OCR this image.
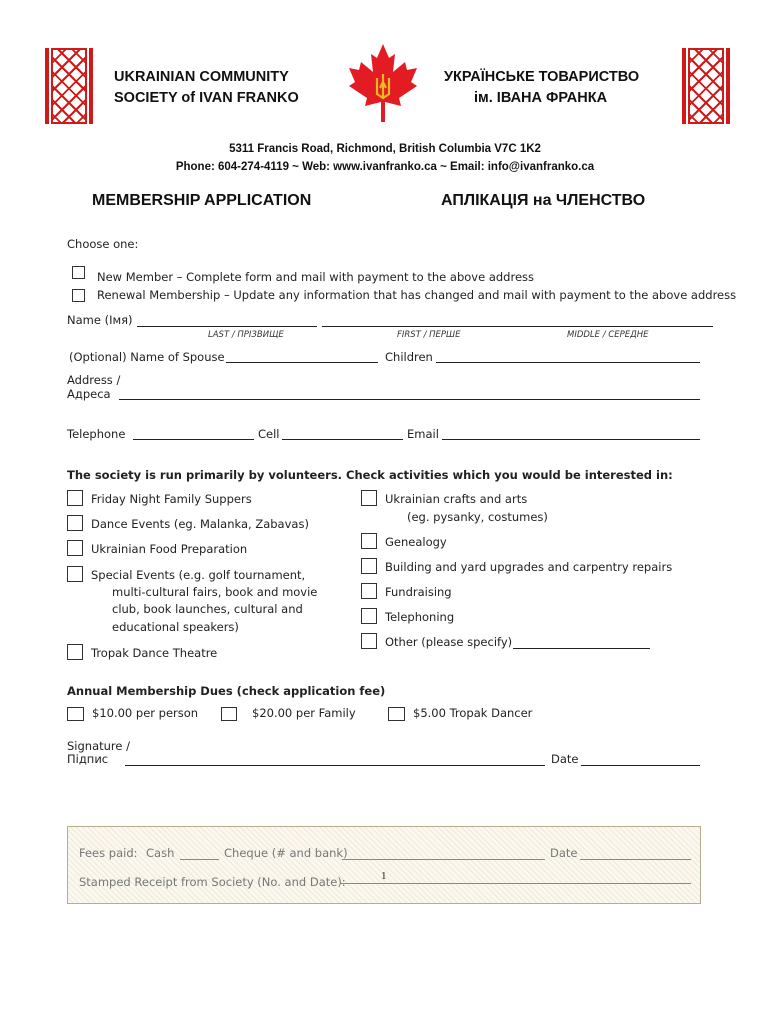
UKRAINIAN COMMUNITY
SOCIETY of IVAN FRANKO
УКРАЇНСЬКЕ ТОВАРИСТВО
ім. ІВАНА ФРАНКА
5311 Francis Road, Richmond, British Columbia V7C 1K2
Phone: 604-274-4119 ~ Web: www.ivanfranko.ca ~ Email: info@ivanfranko.ca
MEMBERSHIP APPLICATION	АПЛІКАЦІЯ на ЧЛЕНСТВО
Choose one:
New Member – Complete form and mail with payment to the above address
Renewal Membership – Update any information that has changed and mail with payment to the above address
Name (Імя)
LAST / ПРІЗВИЩЕ	FIRST / ПЕРШЕ	MIDDLE / СЕРЕДНЕ
(Optional) Name of Spouse	Children
Address /
Адреса
Telephone	Cell	Email
The society is run primarily by volunteers. Check activities which you would be interested in:
Friday Night Family Suppers
Dance Events (eg. Malanka, Zabavas)
Ukrainian Food Preparation
Special Events (e.g. golf tournament,
multi-cultural fairs, book and movie
club, book launches, cultural and
educational speakers)
Tropak Dance Theatre
Ukrainian crafts and arts
(eg. pysanky, costumes)
Genealogy
Building and yard upgrades and carpentry repairs
Fundraising
Telephoning
Other (please specify)
Annual Membership Dues (check application fee)
$10.00 per person	$20.00 per Family	$5.00 Tropak Dancer
Signature /
Підпис	Date
Fees paid: Cash	Cheque (# and bank)	Date
Stamped Receipt from Society (No. and Date):	1
